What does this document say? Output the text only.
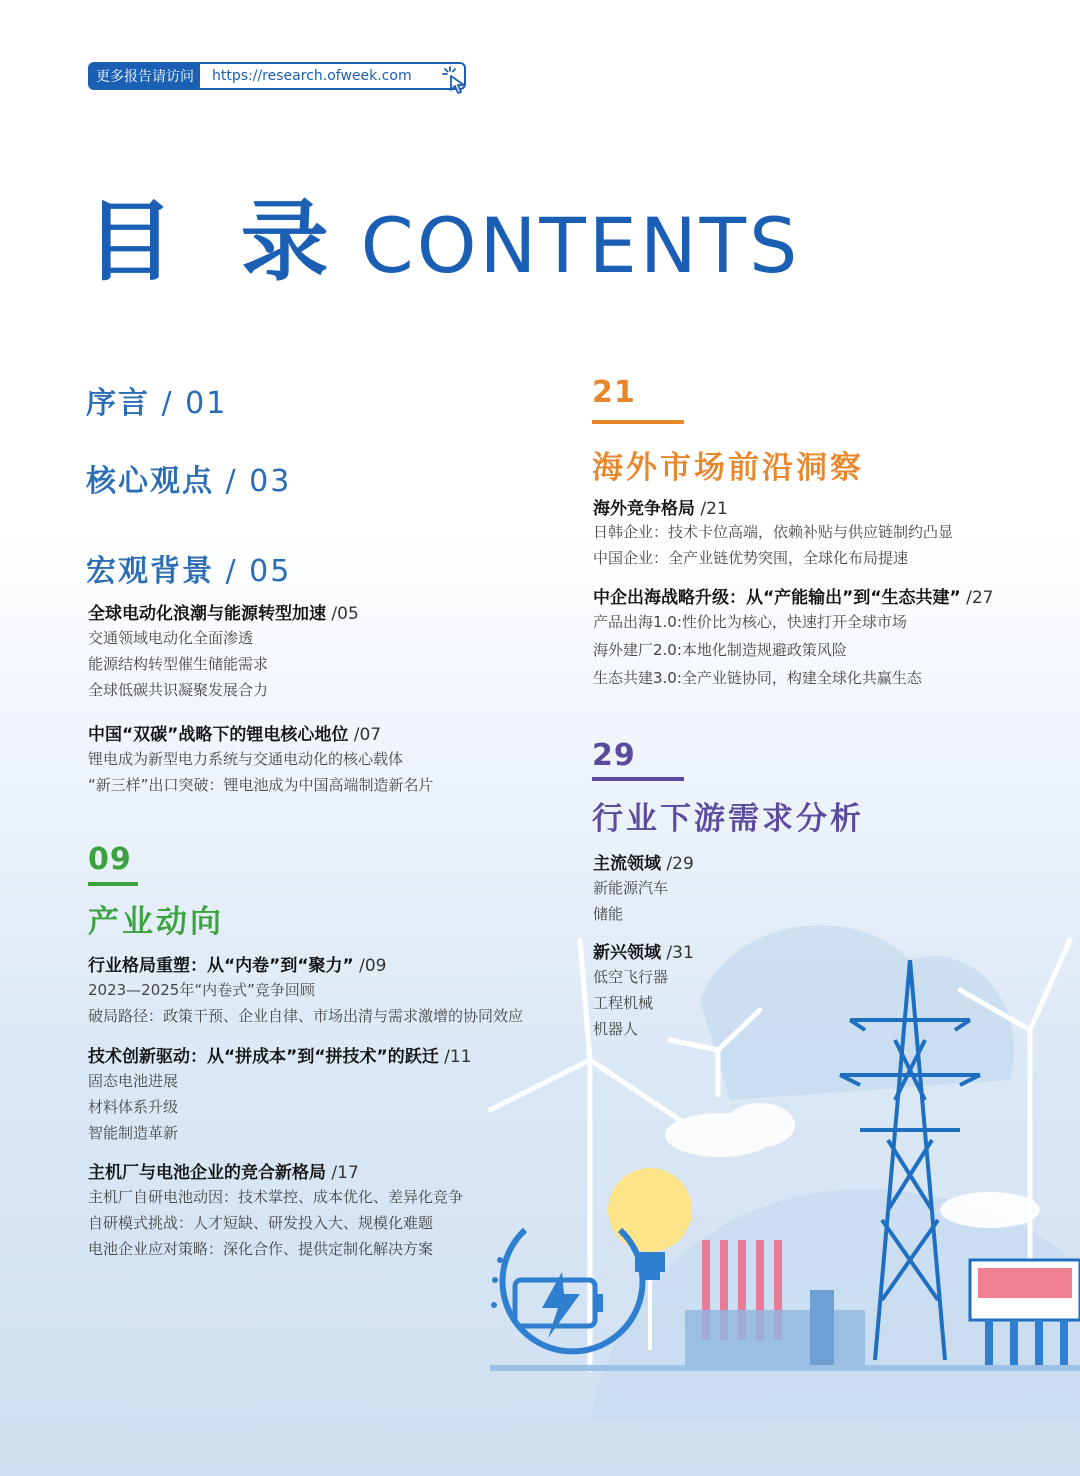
更多报告请访问	https://research.ofweek.com
目 录 CONTENTS
序言 / 01
核心观点 / 03
宏观背景 / 05
全球电动化浪潮与能源转型加速 /05
交通领域电动化全面渗透
能源结构转型催生储能需求
全球低碳共识凝聚发展合力
中国“双碳”战略下的锂电核心地位 /07
锂电成为新型电力系统与交通电动化的核心载体
“新三样”出口突破：锂电池成为中国高端制造新名片
09
产业动向
行业格局重塑：从“内卷”到“聚力” /09
2023—2025年“内卷式”竞争回顾
破局路径：政策干预、企业自律、市场出清与需求激增的协同效应
技术创新驱动：从“拼成本”到“拼技术”的跃迁 /11
固态电池进展
材料体系升级
智能制造革新
主机厂与电池企业的竞合新格局 /17
主机厂自研电池动因：技术掌控、成本优化、差异化竞争
自研模式挑战：人才短缺、研发投入大、规模化难题
电池企业应对策略：深化合作、提供定制化解决方案
21
海外市场前沿洞察
海外竞争格局 /21
日韩企业：技术卡位高端，依赖补贴与供应链制约凸显
中国企业：全产业链优势突围，全球化布局提速
中企出海战略升级：从“产能输出”到“生态共建” /27
产品出海1.0:性价比为核心，快速打开全球市场
海外建厂2.0:本地化制造规避政策风险
生态共建3.0:全产业链协同，构建全球化共赢生态
29
行业下游需求分析
主流领域 /29
新能源汽车
储能
新兴领域 /31
低空飞行器
工程机械
机器人
